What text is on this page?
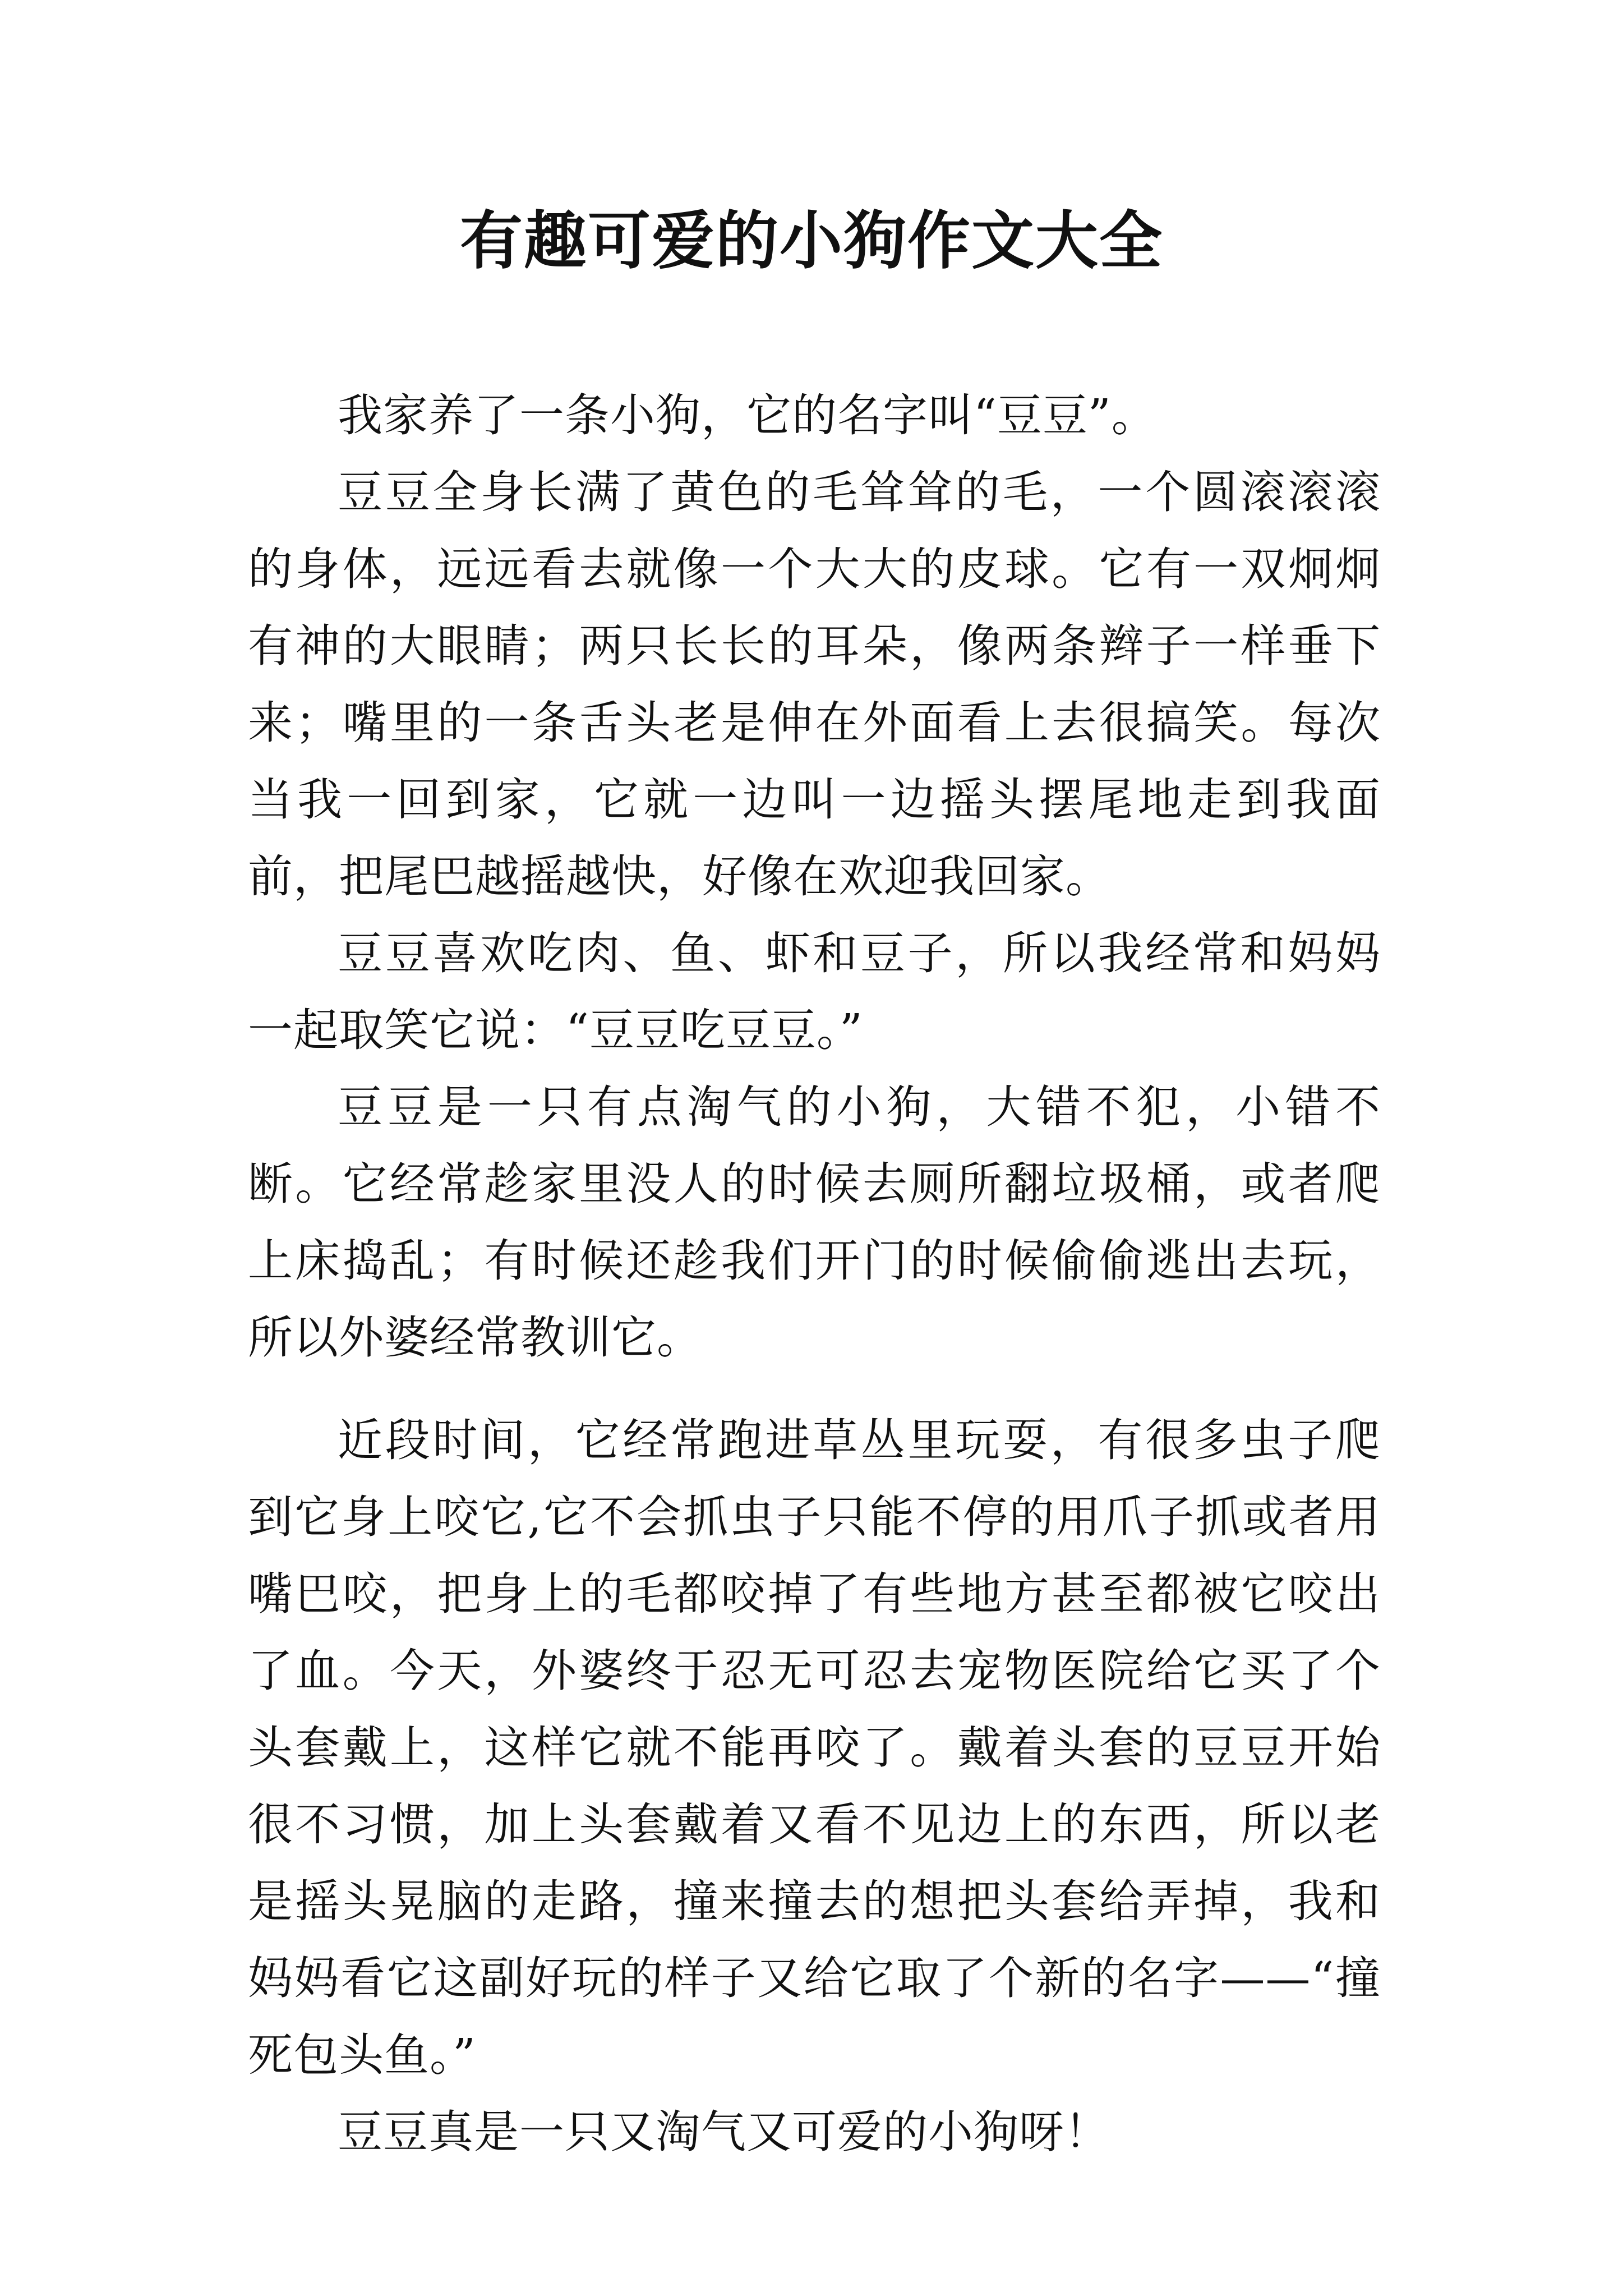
有趣可爱的小狗作文大全

我家养了一条小狗，它的名字叫“豆豆”。

豆豆全身长满了黄色的毛耸耸的毛，一个圆滚滚滚的身体，远远看去就像一个大大的皮球。它有一双炯炯有神的大眼睛；两只长长的耳朵，像两条辫子一样垂下来；嘴里的一条舌头老是伸在外面看上去很搞笑。每次当我一回到家，它就一边叫一边摇头摆尾地走到我面前，把尾巴越摇越快，好像在欢迎我回家。

豆豆喜欢吃肉、鱼、虾和豆子，所以我经常和妈妈一起取笑它说：“豆豆吃豆豆。”

豆豆是一只有点淘气的小狗，大错不犯，小错不断。它经常趁家里没人的时候去厕所翻垃圾桶，或者爬上床捣乱；有时候还趁我们开门的时候偷偷逃出去玩，所以外婆经常教训它。

近段时间，它经常跑进草丛里玩耍，有很多虫子爬到它身上咬它,它不会抓虫子只能不停的用爪子抓或者用嘴巴咬，把身上的毛都咬掉了有些地方甚至都被它咬出了血。今天，外婆终于忍无可忍去宠物医院给它买了个头套戴上，这样它就不能再咬了。戴着头套的豆豆开始很不习惯，加上头套戴着又看不见边上的东西，所以老是摇头晃脑的走路，撞来撞去的想把头套给弄掉，我和妈妈看它这副好玩的样子又给它取了个新的名字——“撞死包头鱼。”

豆豆真是一只又淘气又可爱的小狗呀！
